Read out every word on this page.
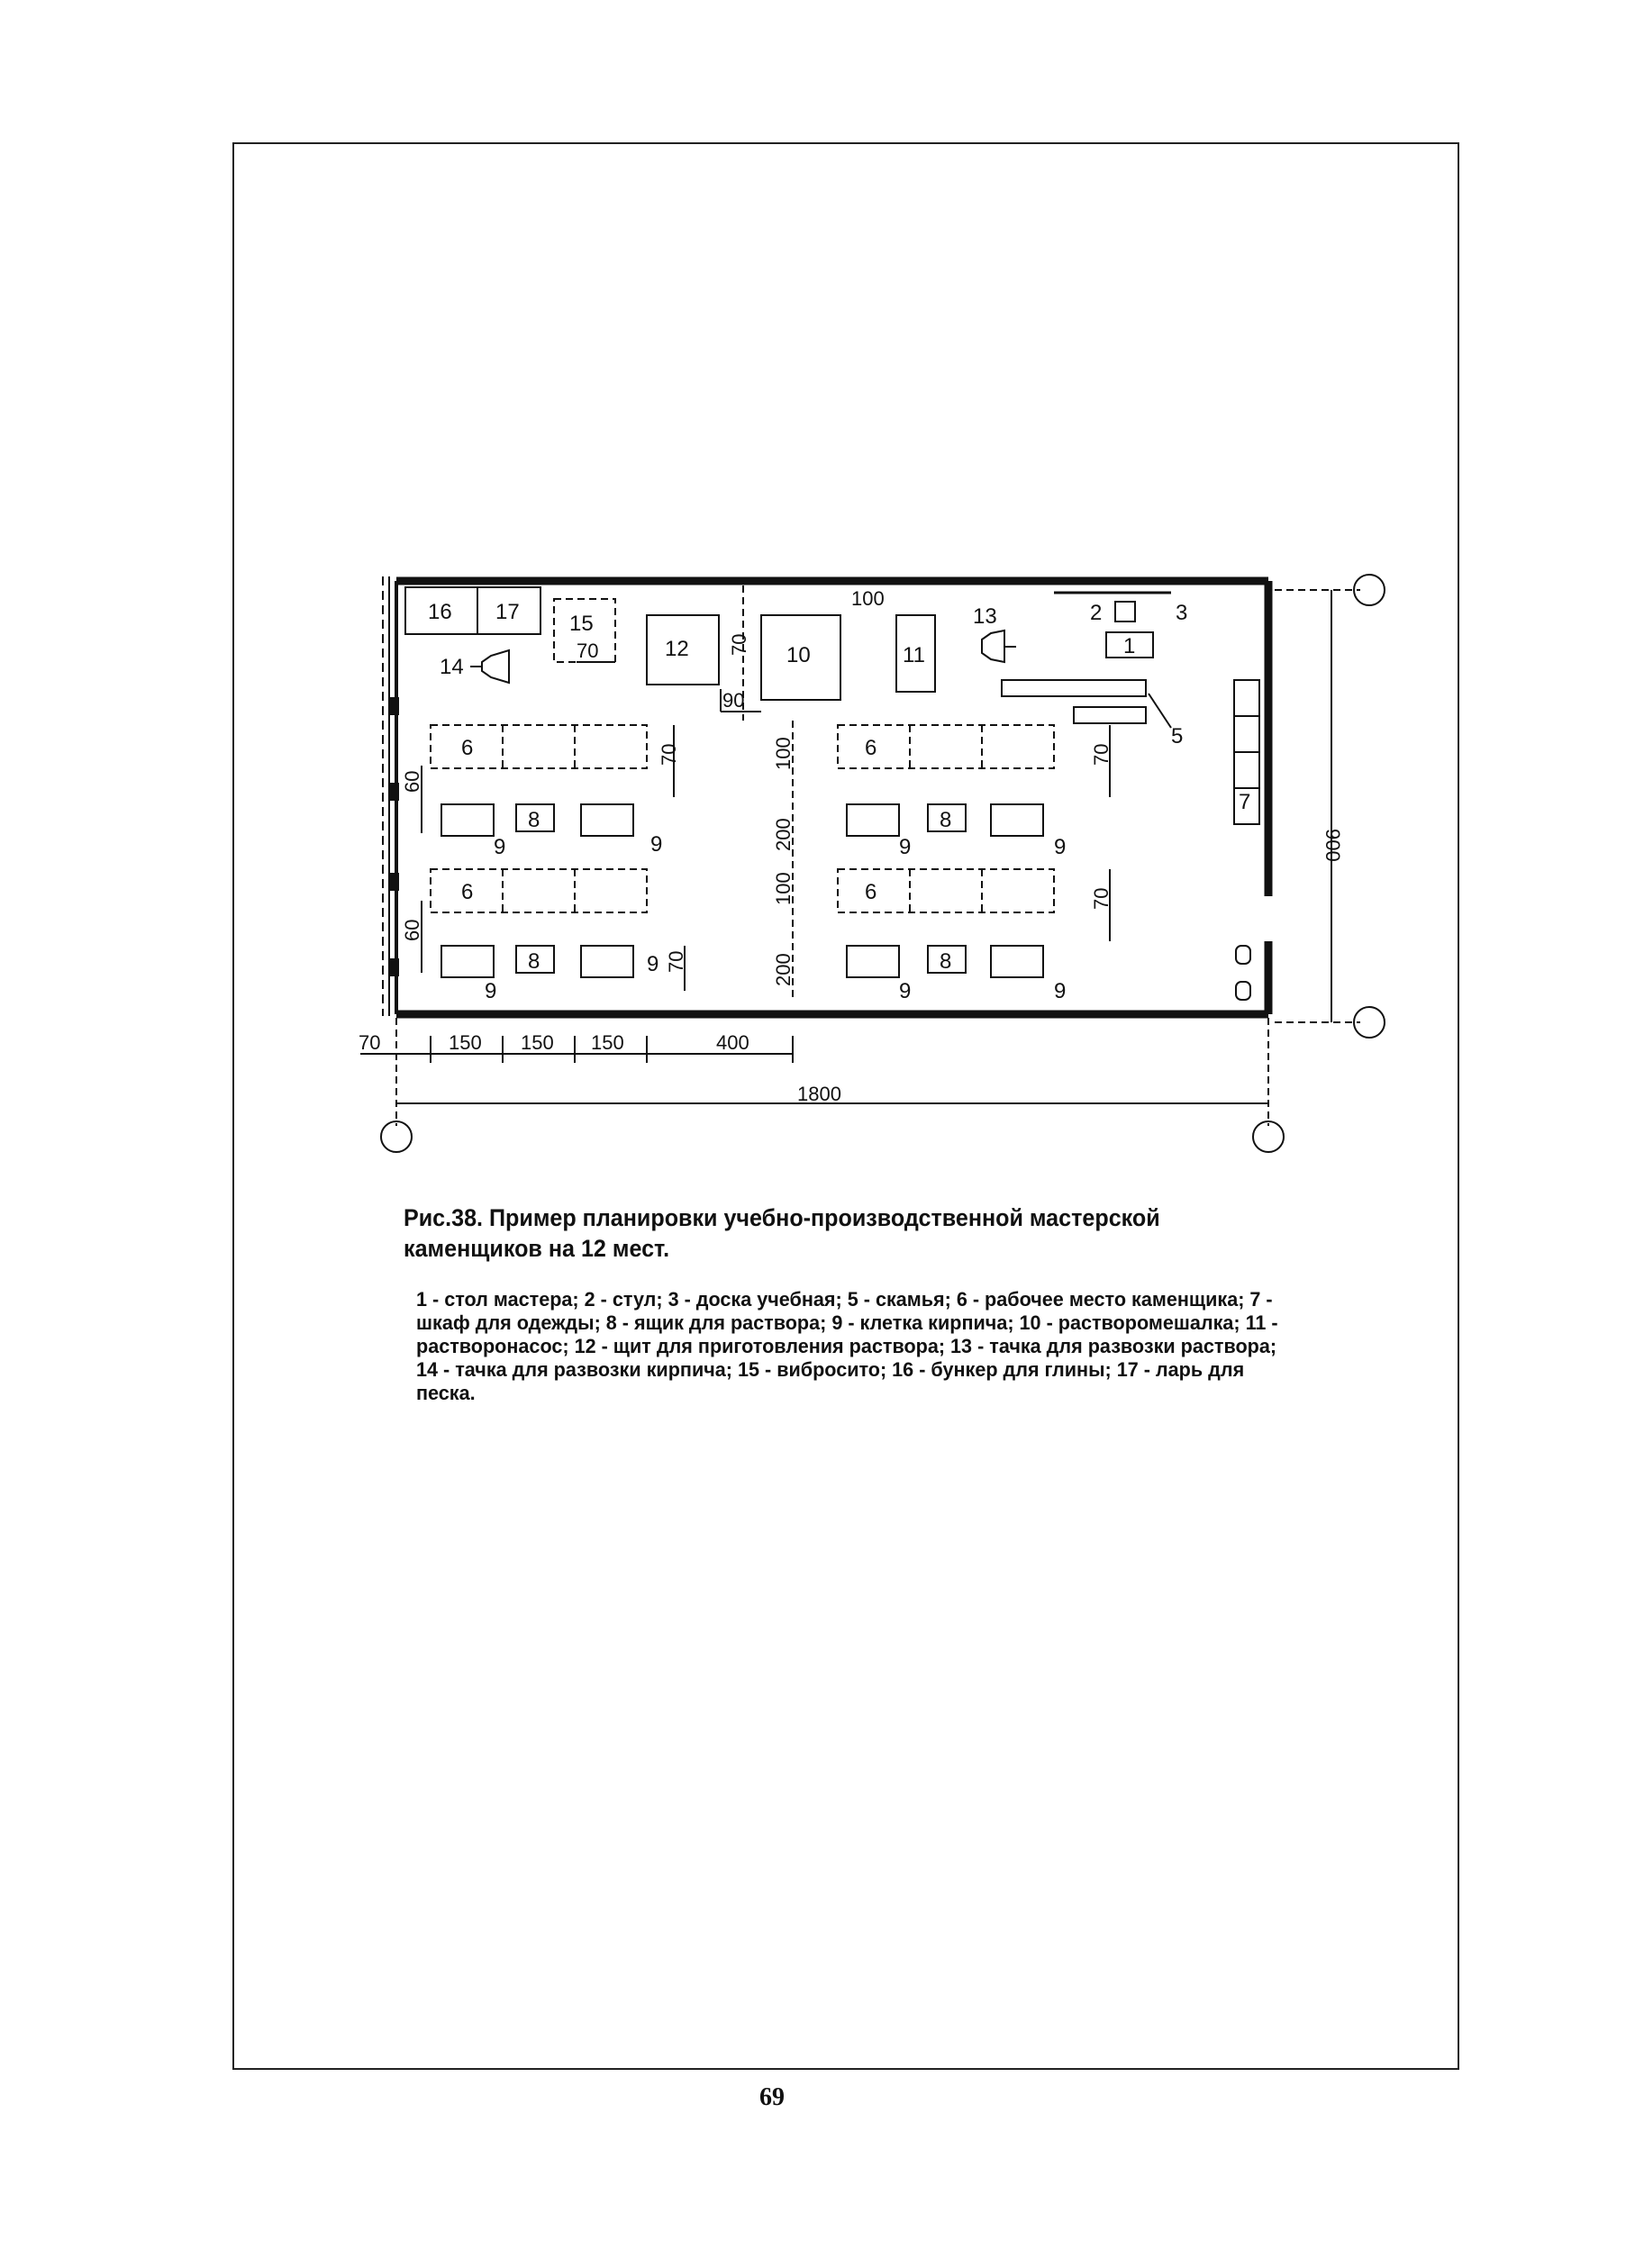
16 17 15
14
12	10	11
13	2	3
1
5
7
6
6
6
6
8
8
8
8
9	9	9	9
9	9	9
9
100
70
90
400
1800
70	150 150 150
70
100
200
100
200
70	70
70
70
60
60
900
Рис.38. Пример планировки учебно-производственной мастерской каменщиков на 12 мест.
1 - стол мастера; 2 - стул; 3 - доска учебная; 5 - скамья; 6 - рабочее место каменщика; 7 - шкаф для одежды; 8 - ящик для раствора; 9 - клетка кирпича; 10 - растворомешалка; 11 - растворонасос; 12 - щит для приготовления раствора; 13 - тачка для развозки раствора; 14 - тачка для развозки кирпича; 15 - вибросито; 16 - бункер для глины; 17 - ларь для песка.
69
